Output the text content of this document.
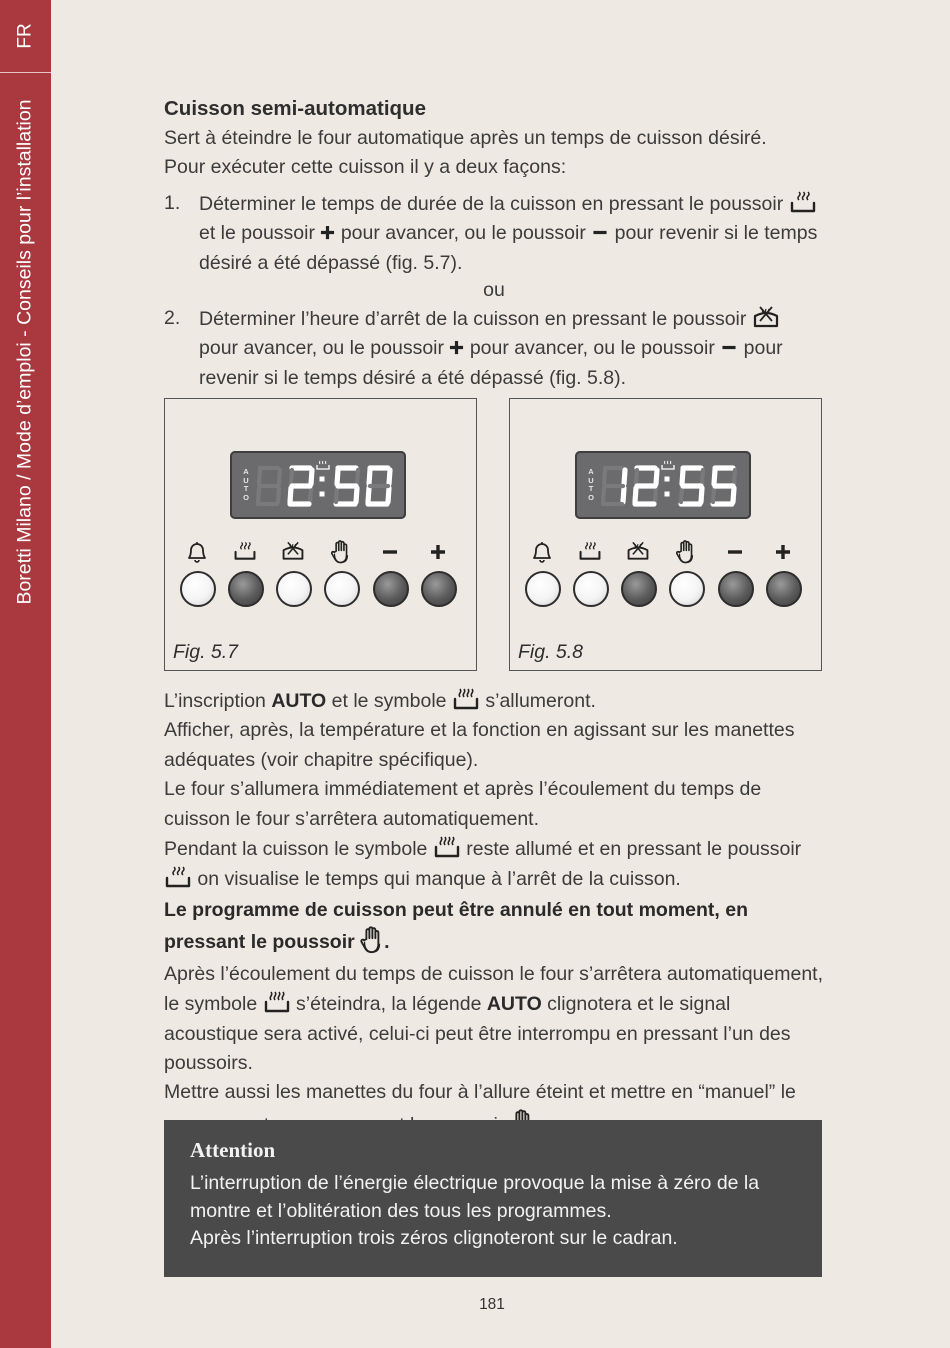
FR
Boretti Milano / Mode d’emploi - Conseils pour l’installation	Cuisson semi-automatique

Sert à éteindre le four automatique après un temps de cuisson désiré.

Pour exécuter cette cuisson il y a deux façons:

1. Déterminer le temps de durée de la cuisson en pressant le poussoir  et le poussoir  pour avancer, ou le poussoir  pour revenir si le temps désiré a été dépassé (fig. 5.7).

ou

2. Déterminer l’heure d’arrêt de la cuisson en pressant le poussoir  pour avancer, ou le poussoir  pour avancer, ou le poussoir  pour revenir si le temps désiré a été dépassé (fig. 5.8).
A
U
T
O
Fig. 5.7
A
U
T
O
Fig. 5.8

L’inscription AUTO et le symbole  s’allumeront.

Afficher, après, la température et la fonction en agissant sur les manettes adéquates (voir chapitre spécifique).

Le four s’allumera immédiatement et après l’écoulement du temps de cuisson le four s’arrêtera automatiquement.

Pendant la cuisson le symbole  reste allumé et en pressant le poussoir  on visualise le temps qui manque à l’arrêt de la cuisson.

Le programme de cuisson peut être annulé en tout moment, en pressant le poussoir .

Après l’écoulement du temps de cuisson le four s’arrêtera automatiquement, le symbole  s’éteindra, la légende AUTO clignotera et le signal acoustique sera activé, celui-ci peut être interrompu en pressant l’un des poussoirs.

Mettre aussi les manettes du four à l’allure éteint et mettre en “manuel” le

Attention
L’interruption de l’énergie électrique provoque la mise à zéro de la montre et l’oblitération des tous les programmes.
Après l’interruption trois zéros clignoteront sur le cadran.
181
